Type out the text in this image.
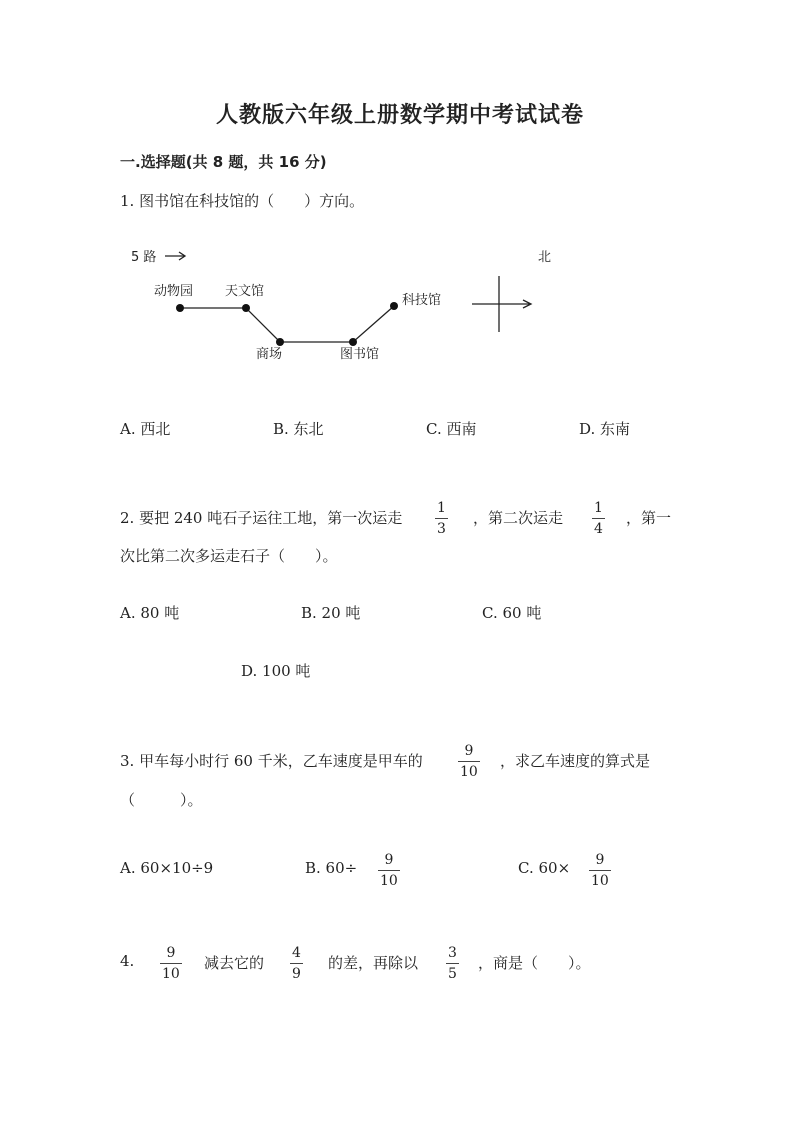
人教版六年级上册数学期中考试试卷
一.选择题(共 8 题，共 16 分)
1. 图书馆在科技馆的（　　）方向。
5 路	北
动物园 天文馆
商场	图书馆
科技馆
A. 西北	B. 东北	C. 西南	D. 东南
2. 要把 240 吨石子运往工地，第一次运走
1
3
，第二次运走
1
4
，第一
次比第二次多运走石子（　　）。
A. 80 吨	B. 20 吨	C. 60 吨
D. 100 吨
3. 甲车每小时行 60 千米，乙车速度是甲车的
9
10
，求乙车速度的算式是
（　　　）。
A. 60×10÷9	B. 60÷ 9
10
C. 60× 9
10
4. 9
10
减去它的
4
9
的差，再除以
3
5
，商是（　　）。
